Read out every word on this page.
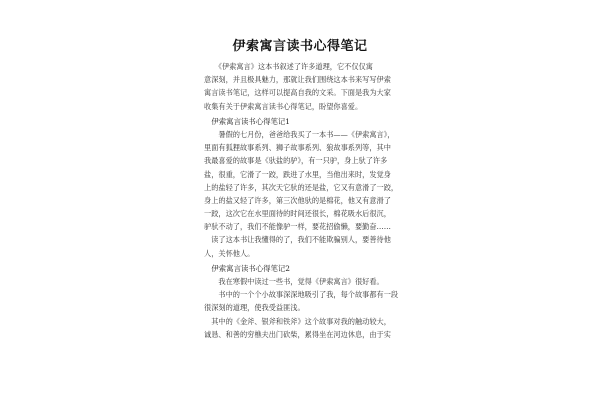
伊索寓言读书心得笔记
　　《伊索寓言》这本书叙述了许多道理，它不仅仅寓
意深刻，并且极具魅力，那就让我们围绕这本书来写写伊索
寓言读书笔记，这样可以提高自我的文采。下面是我为大家
收集有关于伊索寓言读书心得笔记，盼望你喜爱。
　伊索寓言读书心得笔记1
　　暑假的七月份，爸爸给我买了一本书——《伊索寓言》，
里面有狐狸故事系列、狮子故事系列、狼故事系列等，其中
我最喜爱的故事是《驮盐的驴》，有一只驴，身上驮了许多
盐，很重，它滑了一跤，跌进了水里，当他出来时，发觉身
上的盐轻了许多，其次天它驮的还是盐，它又有意滑了一跤，
身上的盐又轻了许多，第三次他驮的是棉花，他又有意滑了
一跤，这次它在水里面待的时间还很长，棉花吸水后很沉，
驴驮不动了，我们不能像驴一样，要花招偷懒，要勤奋……
　读了这本书让我懂得的了，我们不能欺骗别人，要善待他
人，关怀他人。
　伊索寓言读书心得笔记2
　　我在寒假中读过一些书，觉得《伊索寓言》很好看。
　　书中的一个个小故事深深地吸引了我，每个故事都有一段
很深刻的道理，使我受益匪浅。
　其中的《金斧、银斧和铁斧》这个故事对我的触动较大，
诚恳、和善的穷樵夫出门砍柴，累得坐在河边休息，由于实
